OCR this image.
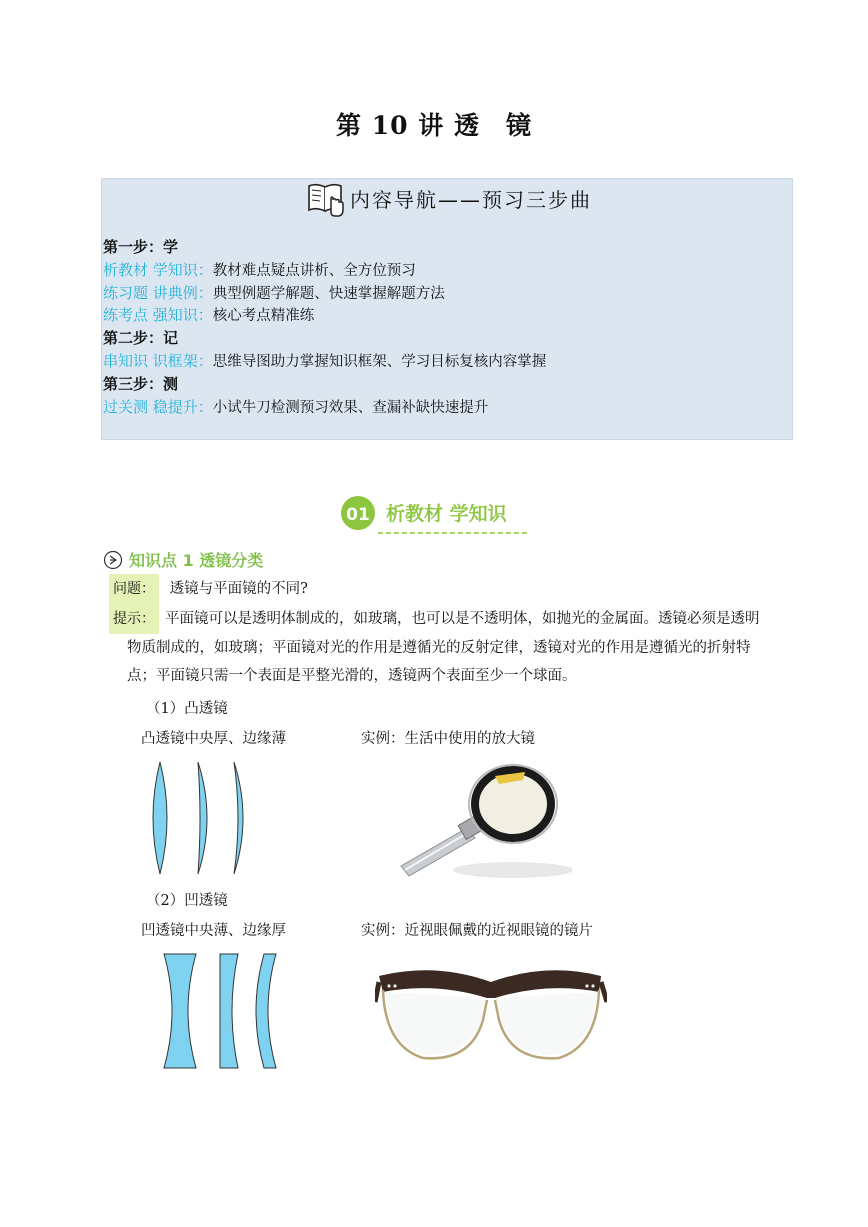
第 10 讲 透　镜
内容导航——预习三步曲
第一步：学
析教材 学知识：教材难点疑点讲析、全方位预习
练习题 讲典例：典型例题学解题、快速掌握解题方法
练考点 强知识：核心考点精准练
第二步：记
串知识 识框架：思维导图助力掌握知识框架、学习目标复核内容掌握
第三步：测
过关测 稳提升：小试牛刀检测预习效果、查漏补缺快速提升
01 析教材 学知识
知识点 1 透镜分类
问题： 透镜与平面镜的不同?
提示： 平面镜可以是透明体制成的，如玻璃，也可以是不透明体，如抛光的金属面。透镜必须是透明
物质制成的，如玻璃；平面镜对光的作用是遵循光的反射定律，透镜对光的作用是遵循光的折射特
点；平面镜只需一个表面是平整光滑的，透镜两个表面至少一个球面。
（1）凸透镜
凸透镜中央厚、边缘薄	实例：生活中使用的放大镜
（2）凹透镜
凹透镜中央薄、边缘厚	实例：近视眼佩戴的近视眼镜的镜片
